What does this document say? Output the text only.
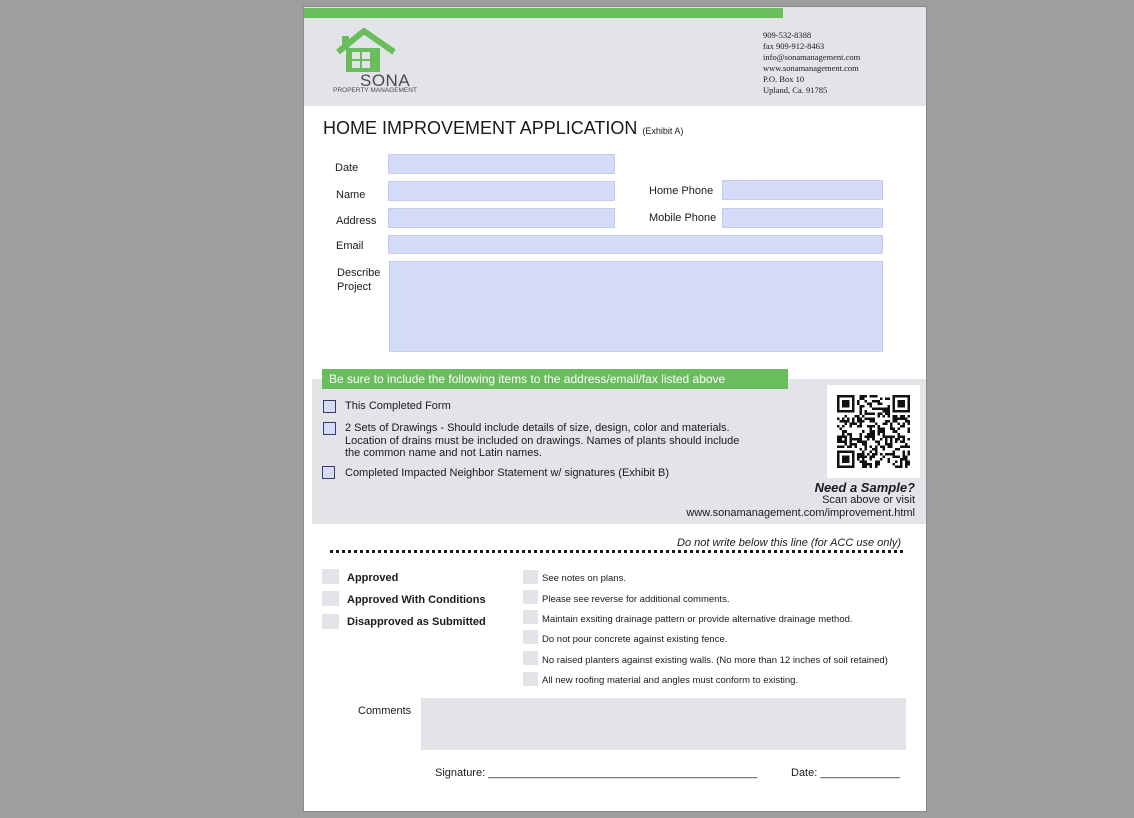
SONA
PROPERTY MANAGEMENT
909-532-8388
fax 909-912-8463
info@sonamanagement.com
www.sonamanagement.com
P.O. Box 10
Upland, Ca. 91785
HOME IMPROVEMENT APPLICATION (Exhibit A)
Date
Name
Address
Home Phone
Mobile Phone
Email
Describe
Project
Be sure to include the following items to the address/email/fax listed above
This Completed Form
2 Sets of Drawings - Should include details of size, design, color and materials.
Location of drains must be included on drawings. Names of plants should include
the common name and not Latin names.
Completed Impacted Neighbor Statement w/ signatures (Exhibit B)
Need a Sample?
Scan above or visit
www.sonamanagement.com/improvement.html
Do not write below this line (for ACC use only)
Approved
Approved With Conditions
Disapproved as Submitted
See notes on plans.
Please see reverse for additional comments.
Maintain exsiting drainage pattern or provide alternative drainage method.
Do not pour concrete against existing fence.
No raised planters against existing walls. (No more than 12 inches of soil retained)
All new roofing material and angles must conform to existing.
Comments
Signature: ____________________________________________	Date: _____________
